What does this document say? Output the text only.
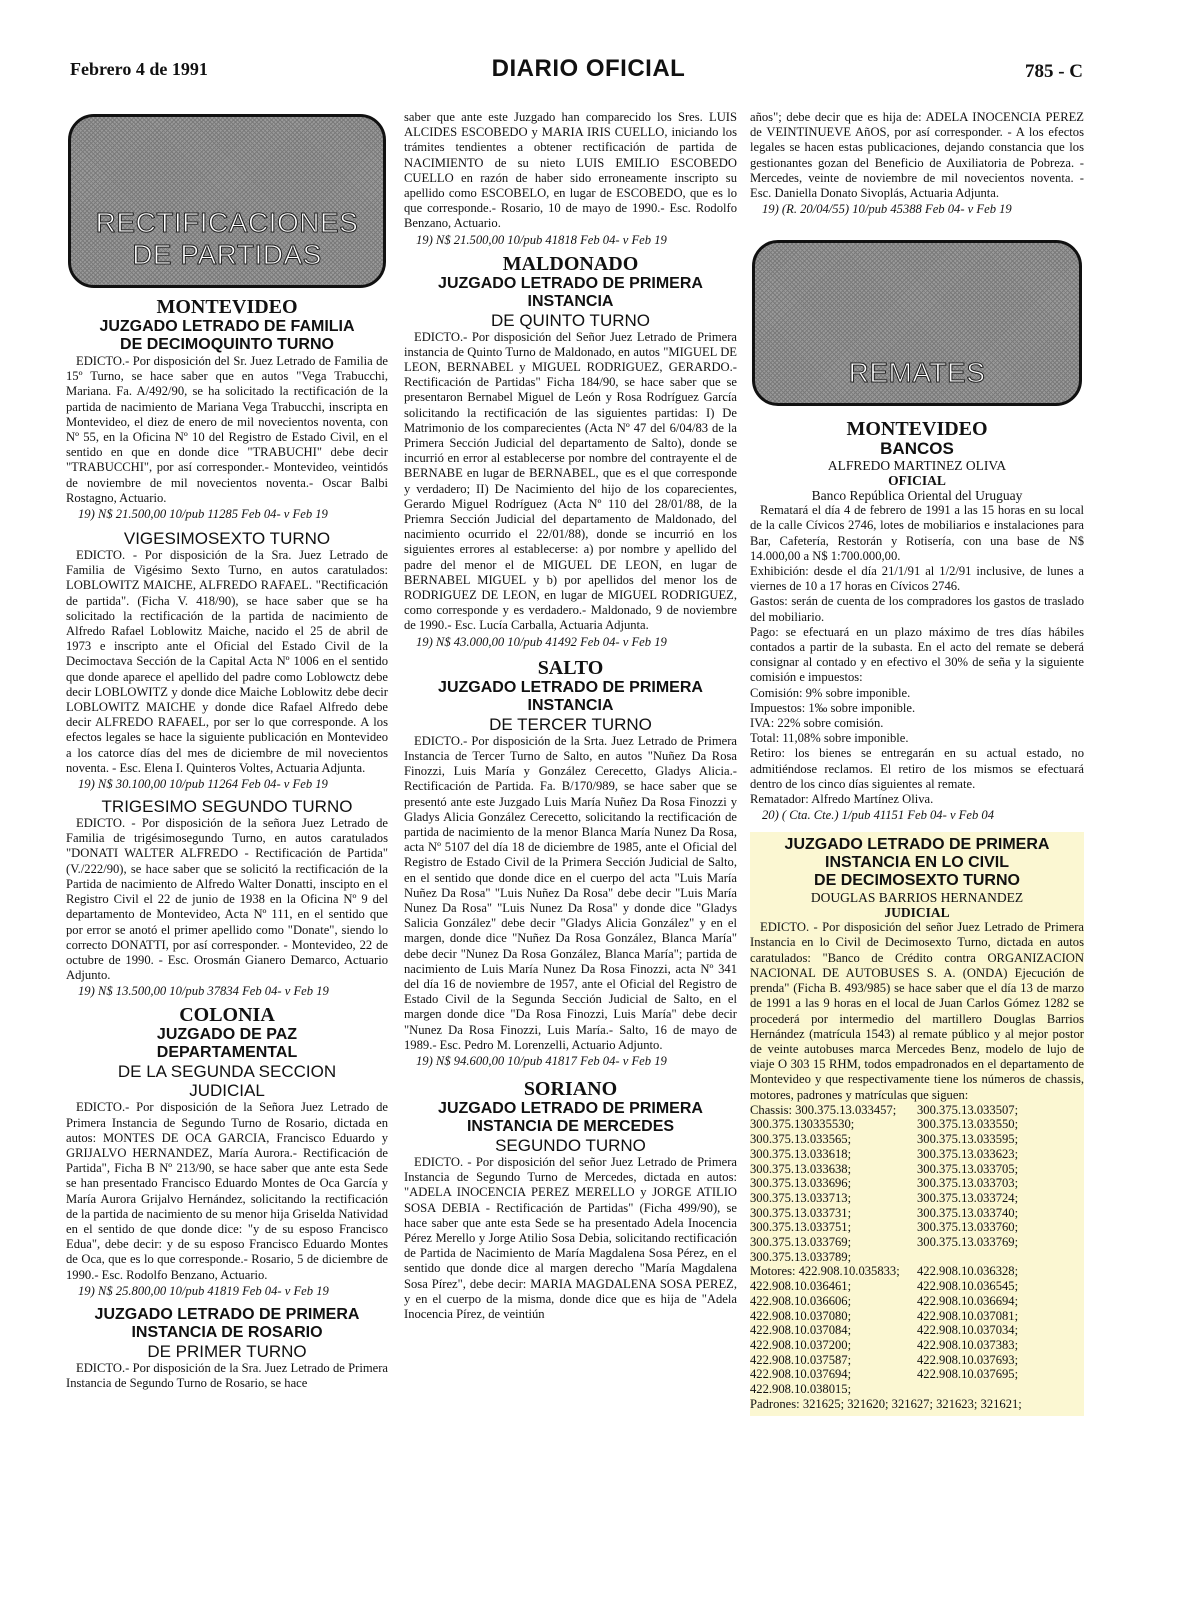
Febrero 4 de 1991	DIARIO OFICIAL	785 - C
RECTIFICACIONES
DE PARTIDAS
MONTEVIDEO
JUZGADO LETRADO DE FAMILIA
DE DECIMOQUINTO TURNO

EDICTO.- Por disposición del Sr. Juez Letrado de Familia de 15º Turno, se hace saber que en autos "Vega Trabucchi, Mariana. Fa. A/492/90, se ha solicitado la rectificación de la partida de nacimiento de Mariana Vega Trabucchi, inscripta en Montevideo, el diez de enero de mil novecientos noventa, con Nº 55, en la Oficina Nº 10 del Registro de Estado Civil, en el sentido en que en donde dice "TRABUCHI" debe decir "TRABUCCHI", por así corresponder.- Montevideo, veintidós de noviembre de mil novecientos noventa.- Oscar Balbi Rostagno, Actuario.

19) N$ 21.500,00 10/pub 11285 Feb 04- v Feb 19
VIGESIMOSEXTO TURNO

EDICTO. - Por disposición de la Sra. Juez Letrado de Familia de Vigésimo Sexto Turno, en autos caratulados: LOBLOWITZ MAICHE, ALFREDO RAFAEL. "Rectificación de partida". (Ficha V. 418/90), se hace saber que se ha solicitado la rectificación de la partida de nacimiento de Alfredo Rafael Loblowitz Maiche, nacido el 25 de abril de 1973 e inscripto ante el Oficial del Estado Civil de la Decimoctava Sección de la Capital Acta Nº 1006 en el sentido que donde aparece el apellido del padre como Loblowctz debe decir LOBLOWITZ y donde dice Maiche Loblowitz debe decir LOBLOWITZ MAICHE y donde dice Rafael Alfredo debe decir ALFREDO RAFAEL, por ser lo que corresponde. A los efectos legales se hace la siguiente publicación en Montevideo a los catorce días del mes de diciembre de mil novecientos noventa. - Esc. Elena I. Quinteros Voltes, Actuaria Adjunta.

19) N$ 30.100,00 10/pub 11264 Feb 04- v Feb 19
TRIGESIMO SEGUNDO TURNO

EDICTO. - Por disposición de la señora Juez Letrado de Familia de trigésimosegundo Turno, en autos caratulados "DONATI WALTER ALFREDO - Rectificación de Partida" (V./222/90), se hace saber que se solicitó la rectificación de la Partida de nacimiento de Alfredo Walter Donatti, inscipto en el Registro Civil el 22 de junio de 1938 en la Oficina Nº 9 del departamento de Montevideo, Acta Nº 111, en el sentido que por error se anotó el primer apellido como "Donate", siendo lo correcto DONATTI, por así corresponder. - Montevideo, 22 de octubre de 1990. - Esc. Orosmán Gianero Demarco, Actuario Adjunto.

19) N$ 13.500,00 10/pub 37834 Feb 04- v Feb 19
COLONIA
JUZGADO DE PAZ
DEPARTAMENTAL
DE LA SEGUNDA SECCION
JUDICIAL

EDICTO.- Por disposición de la Señora Juez Letrado de Primera Instancia de Segundo Turno de Rosario, dictada en autos: MONTES DE OCA GARCIA, Francisco Eduardo y GRIJALVO HERNANDEZ, María Aurora.- Rectificación de Partida", Ficha B Nº 213/90, se hace saber que ante esta Sede se han presentado Francisco Eduardo Montes de Oca García y María Aurora Grijalvo Hernández, solicitando la rectificación de la partida de nacimiento de su menor hija Griselda Natividad en el sentido de que donde dice: "y de su esposo Francisco Edua", debe decir: y de su esposo Francisco Eduardo Montes de Oca, que es lo que corresponde.- Rosario, 5 de diciembre de 1990.- Esc. Rodolfo Benzano, Actuario.

19) N$ 25.800,00 10/pub 41819 Feb 04- v Feb 19
JUZGADO LETRADO DE PRIMERA
INSTANCIA DE ROSARIO
DE PRIMER TURNO

EDICTO.- Por disposición de la Sra. Juez Letrado de Primera Instancia de Segundo Turno de Rosario, se hace

saber que ante este Juzgado han comparecido los Sres. LUIS ALCIDES ESCOBEDO y MARIA IRIS CUELLO, iniciando los trámites tendientes a obtener rectificación de partida de NACIMIENTO de su nieto LUIS EMILIO ESCOBEDO CUELLO en razón de haber sido erroneamente inscripto su apellido como ESCOBELO, en lugar de ESCOBEDO, que es lo que corresponde.- Rosario, 10 de mayo de 1990.- Esc. Rodolfo Benzano, Actuario.

19) N$ 21.500,00 10/pub 41818 Feb 04- v Feb 19
MALDONADO
JUZGADO LETRADO DE PRIMERA
INSTANCIA
DE QUINTO TURNO

EDICTO.- Por disposición del Señor Juez Letrado de Primera instancia de Quinto Turno de Maldonado, en autos "MIGUEL DE LEON, BERNABEL y MIGUEL RODRIGUEZ, GERARDO.- Rectificación de Partidas" Ficha 184/90, se hace saber que se presentaron Bernabel Miguel de León y Rosa Rodríguez García solicitando la rectificación de las siguientes partidas: I) De Matrimonio de los comparecientes (Acta Nº 47 del 6/04/83 de la Primera Sección Judicial del departamento de Salto), donde se incurrió en error al establecerse por nombre del contrayente el de BERNABE en lugar de BERNABEL, que es el que corresponde y verdadero; II) De Nacimiento del hijo de los coparecientes, Gerardo Miguel Rodríguez (Acta Nº 110 del 28/01/88, de la Priemra Sección Judicial del departamento de Maldonado, del nacimiento ocurrido el 22/01/88), donde se incurrió en los siguientes errores al establecerse: a) por nombre y apellido del padre del menor el de MIGUEL DE LEON, en lugar de BERNABEL MIGUEL y b) por apellidos del menor los de RODRIGUEZ DE LEON, en lugar de MIGUEL RODRIGUEZ, como corresponde y es verdadero.- Maldonado, 9 de noviembre de 1990.- Esc. Lucía Carballa, Actuaria Adjunta.

19) N$ 43.000,00 10/pub 41492 Feb 04- v Feb 19
SALTO
JUZGADO LETRADO DE PRIMERA
INSTANCIA
DE TERCER TURNO

EDICTO.- Por disposición de la Srta. Juez Letrado de Primera Instancia de Tercer Turno de Salto, en autos "Nuñez Da Rosa Finozzi, Luis María y González Cerecetto, Gladys Alicia.- Rectificación de Partida. Fa. B/170/989, se hace saber que se presentó ante este Juzgado Luis María Nuñez Da Rosa Finozzi y Gladys Alicia González Cerecetto, solicitando la rectificación de partida de nacimiento de la menor Blanca María Nunez Da Rosa, acta Nº 5107 del día 18 de diciembre de 1985, ante el Oficial del Registro de Estado Civil de la Primera Sección Judicial de Salto, en el sentido que donde dice en el cuerpo del acta "Luis María Nuñez Da Rosa" "Luis Nuñez Da Rosa" debe decir "Luis María Nunez Da Rosa" "Luis Nunez Da Rosa" y donde dice "Gladys Salicia González" debe decir "Gladys Alicia González" y en el margen, donde dice "Nuñez Da Rosa González, Blanca María" debe decir "Nunez Da Rosa González, Blanca María"; partida de nacimiento de Luis María Nunez Da Rosa Finozzi, acta Nº 341 del día 16 de noviembre de 1957, ante el Oficial del Registro de Estado Civil de la Segunda Sección Judicial de Salto, en el margen donde dice "Da Rosa Finozzi, Luis María" debe decir "Nunez Da Rosa Finozzi, Luis María.- Salto, 16 de mayo de 1989.- Esc. Pedro M. Lorenzelli, Actuario Adjunto.

19) N$ 94.600,00 10/pub 41817 Feb 04- v Feb 19
SORIANO
JUZGADO LETRADO DE PRIMERA
INSTANCIA DE MERCEDES
SEGUNDO TURNO

EDICTO. - Por disposición del señor Juez Letrado de Primera Instancia de Segundo Turno de Mercedes, dictada en autos: "ADELA INOCENCIA PEREZ MERELLO y JORGE ATILIO SOSA DEBIA - Rectificación de Partidas" (Ficha 499/90), se hace saber que ante esta Sede se ha presentado Adela Inocencia Pérez Merello y Jorge Atilio Sosa Debia, solicitando rectificación de Partida de Nacimiento de María Magdalena Sosa Pérez, en el sentido que donde dice al margen derecho "María Magdalena Sosa Pírez", debe decir: MARIA MAGDALENA SOSA PEREZ, y en el cuerpo de la misma, donde dice que es hija de "Adela Inocencia Pírez, de veintiún

años"; debe decir que es hija de: ADELA INOCENCIA PEREZ de VEINTINUEVE AñOS, por así corresponder. - A los efectos legales se hacen estas publicaciones, dejando constancia que los gestionantes gozan del Beneficio de Auxiliatoria de Pobreza. - Mercedes, veinte de noviembre de mil novecientos noventa. - Esc. Daniella Donato Sivoplás, Actuaria Adjunta.

19) (R. 20/04/55) 10/pub 45388 Feb 04- v Feb 19
REMATES
MONTEVIDEO
BANCOS
ALFREDO MARTINEZ OLIVA
OFICIAL
Banco República Oriental del Uruguay

Rematará el día 4 de febrero de 1991 a las 15 horas en su local de la calle Cívicos 2746, lotes de mobiliarios e instalaciones para Bar, Cafetería, Restorán y Rotisería, con una base de N$ 14.000,00 a N$ 1:700.000,00.

Exhibición: desde el día 21/1/91 al 1/2/91 inclusive, de lunes a viernes de 10 a 17 horas en Cívicos 2746.

Gastos: serán de cuenta de los compradores los gastos de traslado del mobiliario.

Pago: se efectuará en un plazo máximo de tres días hábiles contados a partir de la subasta. En el acto del remate se deberá consignar al contado y en efectivo el 30% de seña y la siguiente comisión e impuestos:

Comisión: 9% sobre imponible.

Impuestos: 1‰ sobre imponible.

IVA: 22% sobre comisión.

Total: 11,08% sobre imponible.

Retiro: los bienes se entregarán en su actual estado, no admitiéndose reclamos. El retiro de los mismos se efectuará dentro de los cinco días siguientes al remate.

Rematador: Alfredo Martínez Oliva.

20) ( Cta. Cte.) 1/pub 41151 Feb 04- v Feb 04
JUZGADO LETRADO DE PRIMERA
INSTANCIA EN LO CIVIL
DE DECIMOSEXTO TURNO
DOUGLAS BARRIOS HERNANDEZ
JUDICIAL

EDICTO. - Por disposición del señor Juez Letrado de Primera Instancia en lo Civil de Decimosexto Turno, dictada en autos caratulados: "Banco de Crédito contra ORGANIZACION NACIONAL DE AUTOBUSES S. A. (ONDA) Ejecución de prenda" (Ficha B. 493/985) se hace saber que el día 13 de marzo de 1991 a las 9 horas en el local de Juan Carlos Gómez 1282 se procederá por intermedio del martillero Douglas Barrios Hernández (matrícula 1543) al remate público y al mejor postor de veinte autobuses marca Mercedes Benz, modelo de lujo de viaje O 303 15 RHM, todos empadronados en el departamento de Montevideo y que respectivamente tiene los números de chassis, motores, padrones y matrículas que siguen:

Chassis: 300.375.13.033457;	300.375.13.033507;
300.375.130335530;	300.375.13.033550;
300.375.13.033565;	300.375.13.033595;
300.375.13.033618;	300.375.13.033623;
300.375.13.033638;	300.375.13.033705;
300.375.13.033696;	300.375.13.033703;
300.375.13.033713;	300.375.13.033724;
300.375.13.033731;	300.375.13.033740;
300.375.13.033751;	300.375.13.033760;
300.375.13.033769;	300.375.13.033769;
300.375.13.033789;
Motores: 422.908.10.035833;	422.908.10.036328;
422.908.10.036461;	422.908.10.036545;
422.908.10.036606;	422.908.10.036694;
422.908.10.037080;	422.908.10.037081;
422.908.10.037084;	422.908.10.037034;
422.908.10.037200;	422.908.10.037383;
422.908.10.037587;	422.908.10.037693;
422.908.10.037694;	422.908.10.037695;
422.908.10.038015;

Padrones: 321625; 321620; 321627; 321623; 321621;
